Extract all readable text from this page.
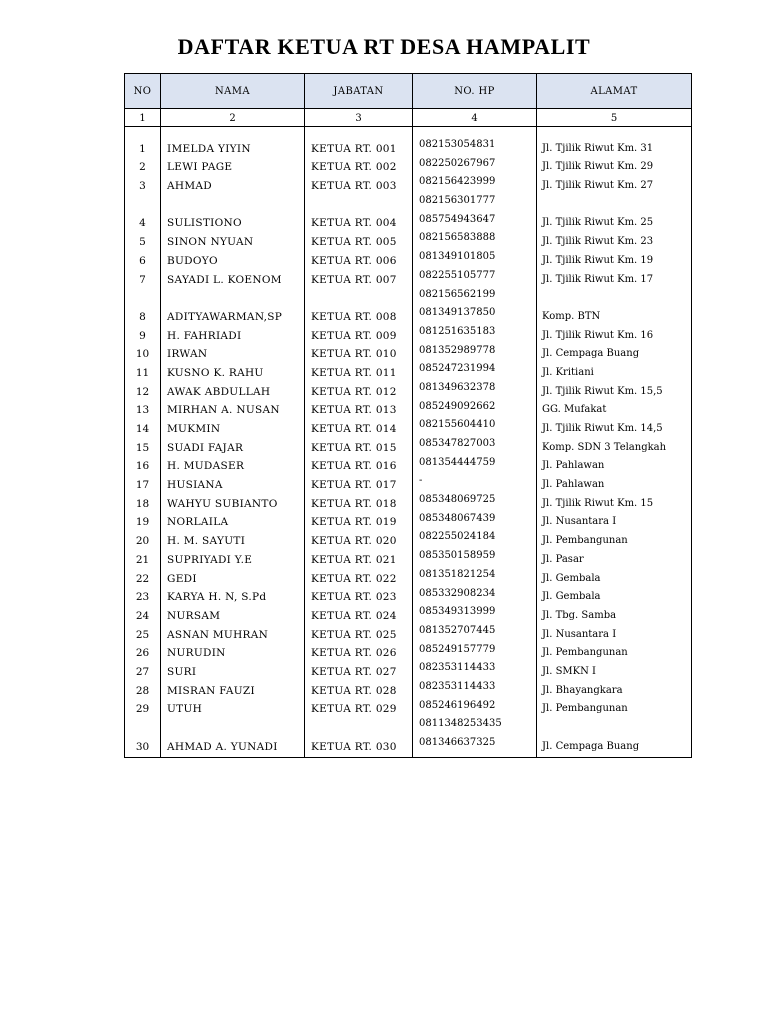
DAFTAR KETUA RT DESA HAMPALIT
NO	NAMA	JABATAN	NO. HP	ALAMAT
1	2	3	4	5

1	IMELDA YIYIN	KETUA RT. 001	082153054831	Jl. Tjilik Riwut Km. 31
2	LEWI PAGE	KETUA RT. 002	082250267967	Jl. Tjilik Riwut Km. 29
3	AHMAD	KETUA RT. 003	082156423999	Jl. Tjilik Riwut Km. 27
			082156301777	
4	SULISTIONO	KETUA RT. 004	085754943647	Jl. Tjilik Riwut Km. 25
5	SINON NYUAN	KETUA RT. 005	082156583888	Jl. Tjilik Riwut Km. 23
6	BUDOYO	KETUA RT. 006	081349101805	Jl. Tjilik Riwut Km. 19
7	SAYADI L. KOENOM	KETUA RT. 007	082255105777	Jl. Tjilik Riwut Km. 17
			082156562199	
8	ADITYAWARMAN,SP	KETUA RT. 008	081349137850	Komp. BTN
9	H. FAHRIADI	KETUA RT. 009	081251635183	Jl. Tjilik Riwut Km. 16
10	IRWAN	KETUA RT. 010	081352989778	Jl. Cempaga Buang
11	KUSNO K. RAHU	KETUA RT. 011	085247231994	Jl. Kritiani
12	AWAK ABDULLAH	KETUA RT. 012	081349632378	Jl. Tjilik Riwut Km. 15,5
13	MIRHAN A. NUSAN	KETUA RT. 013	085249092662	GG. Mufakat
14	MUKMIN	KETUA RT. 014	082155604410	Jl. Tjilik Riwut Km. 14,5
15	SUADI FAJAR	KETUA RT. 015	085347827003	Komp. SDN 3 Telangkah
16	H. MUDASER	KETUA RT. 016	081354444759	Jl. Pahlawan
17	HUSIANA	KETUA RT. 017	-	Jl. Pahlawan
18	WAHYU SUBIANTO	KETUA RT. 018	085348069725	Jl. Tjilik Riwut Km. 15
19	NORLAILA	KETUA RT. 019	085348067439	Jl. Nusantara I
20	H. M. SAYUTI	KETUA RT. 020	082255024184	Jl. Pembangunan
21	SUPRIYADI Y.E	KETUA RT. 021	085350158959	Jl. Pasar
22	GEDI	KETUA RT. 022	081351821254	Jl. Gembala
23	KARYA H. N, S.Pd	KETUA RT. 023	085332908234	Jl. Gembala
24	NURSAM	KETUA RT. 024	085349313999	Jl. Tbg. Samba
25	ASNAN MUHRAN	KETUA RT. 025	081352707445	Jl. Nusantara I
26	NURUDIN	KETUA RT. 026	085249157779	Jl. Pembangunan
27	SURI	KETUA RT. 027	082353114433	Jl. SMKN I
28	MISRAN FAUZI	KETUA RT. 028	082353114433	Jl. Bhayangkara
29	UTUH	KETUA RT. 029	085246196492	Jl. Pembangunan
			0811348253435	
30	AHMAD A. YUNADI	KETUA RT. 030	081346637325	Jl. Cempaga Buang
